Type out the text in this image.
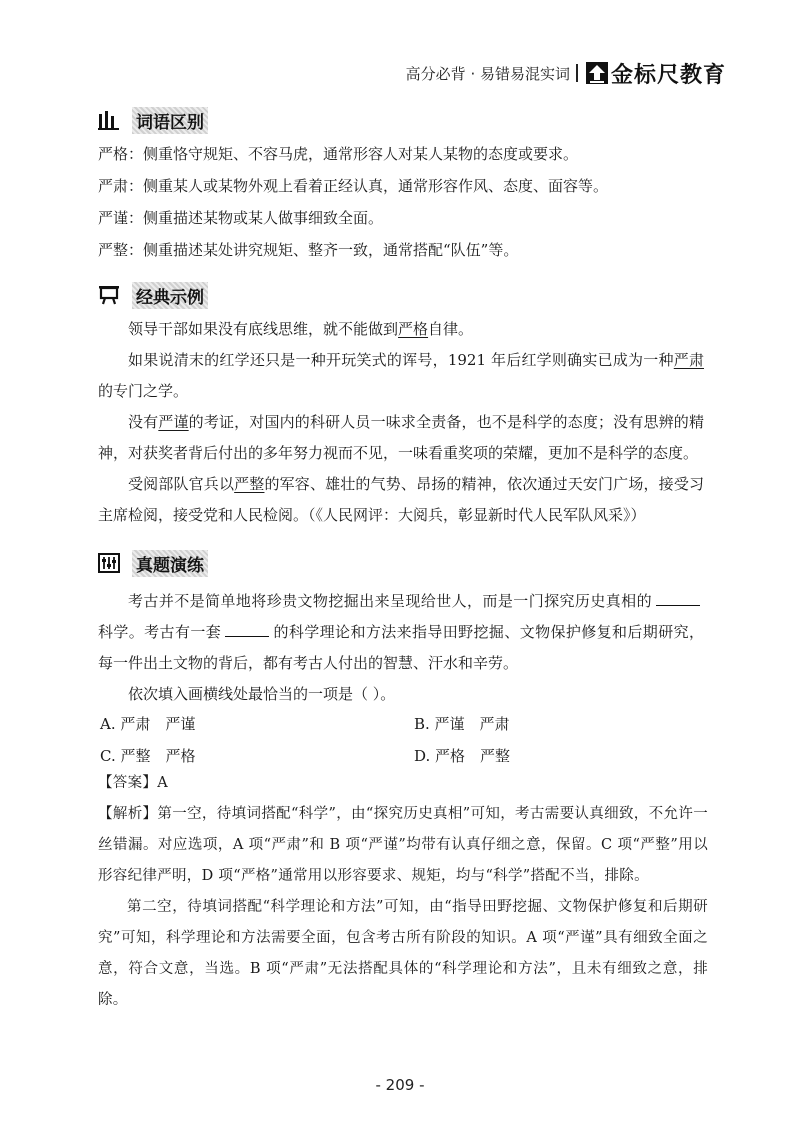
高分必背 · 易错易混实词 金标尺教育
词语区别
严格：侧重恪守规矩、不容马虎，通常形容人对某人某物的态度或要求。
严肃：侧重某人或某物外观上看着正经认真，通常形容作风、态度、面容等。
严谨：侧重描述某物或某人做事细致全面。
严整：侧重描述某处讲究规矩、整齐一致，通常搭配“队伍”等。
经典示例

领导干部如果没有底线思维，就不能做到严格自律。

如果说清末的红学还只是一种开玩笑式的诨号，1921 年后红学则确实已成为一种严肃的专门之学。

没有严谨的考证，对国内的科研人员一味求全责备，也不是科学的态度；没有思辨的精神，对获奖者背后付出的多年努力视而不见，一味看重奖项的荣耀，更加不是科学的态度。

受阅部队官兵以严整的军容、雄壮的气势、昂扬的精神，依次通过天安门广场，接受习主席检阅，接受党和人民检阅。（《人民网评：大阅兵，彰显新时代人民军队风采》）

真题演练

考古并不是简单地将珍贵文物挖掘出来呈现给世人，而是一门探究历史真相的科学。考古有一套	的科学理论和方法来指导田野挖掘、文物保护修复和后期研究，每一件出土文物的背后，都有考古人付出的智慧、汗水和辛劳。

依次填入画横线处最恰当的一项是（ ）。

A. 严肃　严谨	B. 严谨　严肃
C. 严整　严格	D. 严格　严整

【答案】A

【解析】第一空，待填词搭配“科学”，由“探究历史真相”可知，考古需要认真细致，不允许一丝错漏。对应选项，A 项“严肃”和 B 项“严谨”均带有认真仔细之意，保留。C 项“严整”用以形容纪律严明，D 项“严格”通常用以形容要求、规矩，均与“科学”搭配不当，排除。

第二空，待填词搭配“科学理论和方法”可知，由“指导田野挖掘、文物保护修复和后期研究”可知，科学理论和方法需要全面，包含考古所有阶段的知识。A 项“严谨”具有细致全面之意，符合文意，当选。B 项“严肃”无法搭配具体的“科学理论和方法”，且未有细致之意，排除。

- 209 -
